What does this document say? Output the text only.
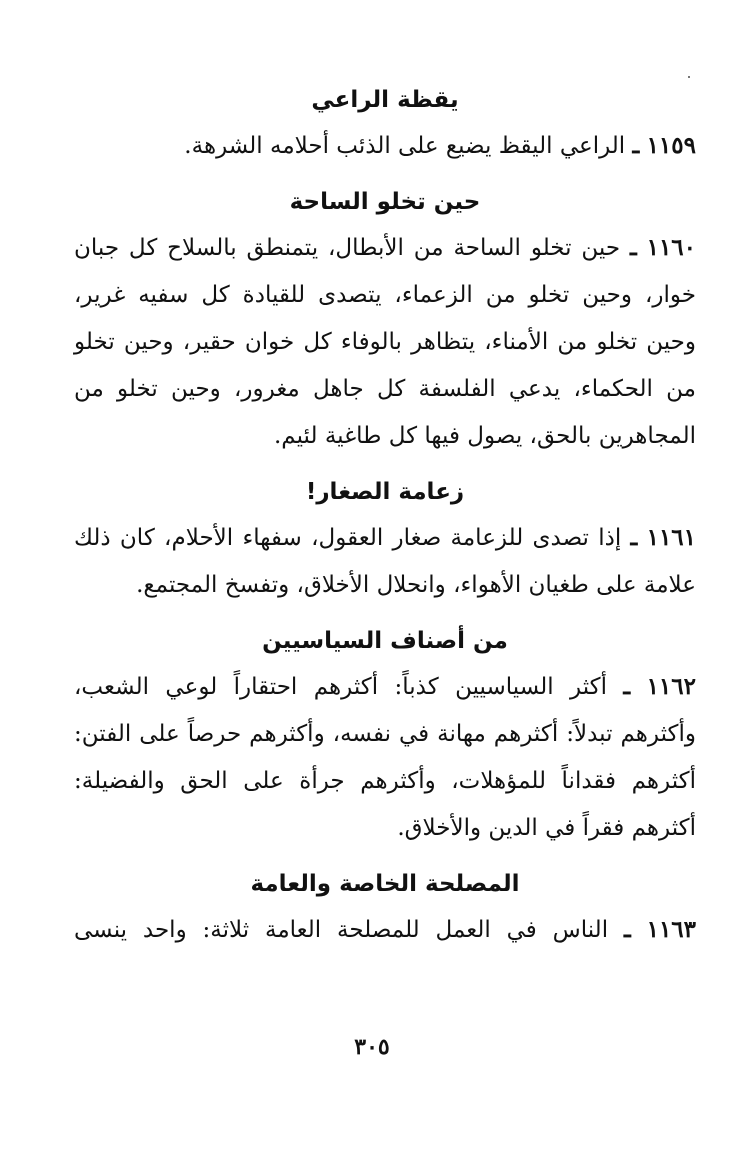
يقظة الراعي

١١٥٩ ـ الراعي اليقظ يضيع على الذئب أحلامه الشرهة.

حين تخلو الساحة

١١٦٠ ـ حين تخلو الساحة من الأبطال، يتمنطق بالسلاح كل جبان خوار، وحين تخلو من الزعماء، يتصدى للقيادة كل سفيه غرير، وحين تخلو من الأمناء، يتظاهر بالوفاء كل خوان حقير، وحين تخلو من الحكماء، يدعي الفلسفة كل جاهل مغرور، وحين تخلو من المجاهرين بالحق، يصول فيها كل طاغية لئيم.

زعامة الصغار!

١١٦١ ـ إذا تصدى للزعامة صغار العقول، سفهاء الأحلام، كان ذلك علامة على طغيان الأهواء، وانحلال الأخلاق، وتفسخ المجتمع.

من أصناف السياسيين

١١٦٢ ـ أكثر السياسيين كذباً: أكثرهم احتقاراً لوعي الشعب، وأكثرهم تبدلاً: أكثرهم مهانة في نفسه، وأكثرهم حرصاً على الفتن: أكثرهم فقداناً للمؤهلات، وأكثرهم جرأة على الحق والفضيلة: أكثرهم فقراً في الدين والأخلاق.

المصلحة الخاصة والعامة

١١٦٣ ـ الناس في العمل للمصلحة العامة ثلاثة: واحد ينسى

٣٠٥
